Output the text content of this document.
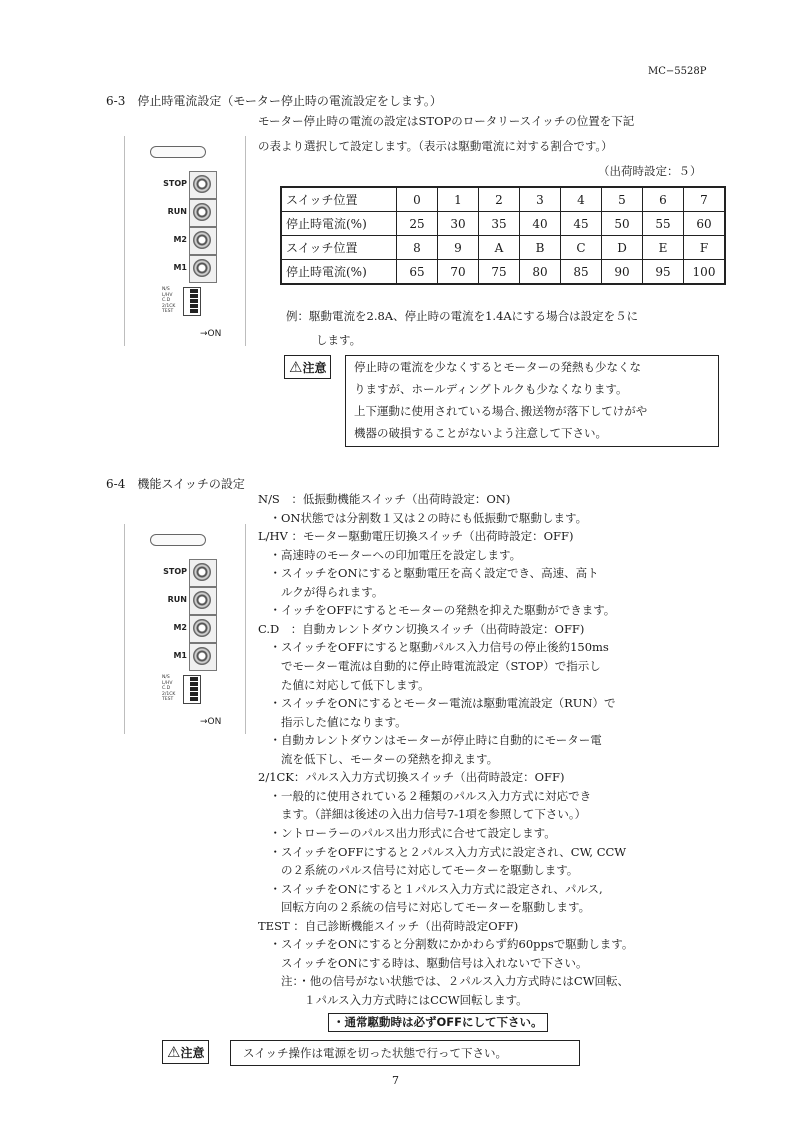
MC−5528P
6-3　停止時電流設定（モーター停止時の電流設定をします。）
モーター停止時の電流の設定はSTOPのロータリースイッチの位置を下記
の表より選択して設定します。（表示は駆動電流に対する割合です。）
（出荷時設定：５）
STOP
RUN
M2
M1
N/S
L/HV
C.D
2/1CK
TEST
→ON
スイッチ位置	0	1	2	3	4	5	6	7
停止時電流(%)	25	30	35	40	45	50	55	60
スイッチ位置	8	9	A	B	C	D	E	F
停止時電流(%)	65	70	75	80	85	90	95	100
例：駆動電流を2.8A、停止時の電流を1.4Aにする場合は設定を５に
します。
⚠注意	停止時の電流を少なくするとモーターの発熱も少なくな
りますが、ホールディングトルクも少なくなります。
上下運動に使用されている場合､搬送物が落下してけがや
機器の破損することがないよう注意して下さい。
6-4　機能スイッチの設定
STOP
RUN
M2
M1
N/S
L/HV
C.D
2/1CK
TEST
→ON
N/S　：低振動機能スイッチ（出荷時設定：ON)
　・ON状態では分割数１又は２の時にも低振動で駆動します。
L/HV ：モーター駆動電圧切換スイッチ（出荷時設定：OFF)
　・高速時のモーターへの印加電圧を設定します。
　・スイッチをONにすると駆動電圧を高く設定でき、高速、高ト
　　ルクが得られます。
　・イッチをOFFにするとモーターの発熱を抑えた駆動ができます。
C.D　：自動カレントダウン切換スイッチ（出荷時設定：OFF)
　・スイッチをOFFにすると駆動パルス入力信号の停止後約150ms
　　でモーター電流は自動的に停止時電流設定（STOP）で指示し
　　た値に対応して低下します。
　・スイッチをONにするとモーター電流は駆動電流設定（RUN）で
　　指示した値になります。
　・自動カレントダウンはモーターが停止時に自動的にモーター電
　　流を低下し、モーターの発熱を抑えます。
2/1CK：パルス入力方式切換スイッチ（出荷時設定：OFF)
　・一般的に使用されている２種類のパルス入力方式に対応でき
　　ます。（詳細は後述の入出力信号7-1項を参照して下さい。）
　・ントローラーのパルス出力形式に合せて設定します。
　・スイッチをOFFにすると２パルス入力方式に設定され、CW, CCW
　　の２系統のパルス信号に対応してモーターを駆動します。
　・スイッチをONにすると１パルス入力方式に設定され、パルス,
　　回転方向の２系統の信号に対応してモーターを駆動します。
TEST ：自己診断機能スイッチ（出荷時設定OFF)
　・スイッチをONにすると分割数にかかわらず約60ppsで駆動します。
　　スイッチをONにする時は、駆動信号は入れないで下さい。
　　注：・他の信号がない状態では、２パルス入力方式時にはCW回転、
　　　　１パルス入力方式時にはCCW回転します。
・通常駆動時は必ずOFFにして下さい。
⚠注意	スイッチ操作は電源を切った状態で行って下さい。
7
